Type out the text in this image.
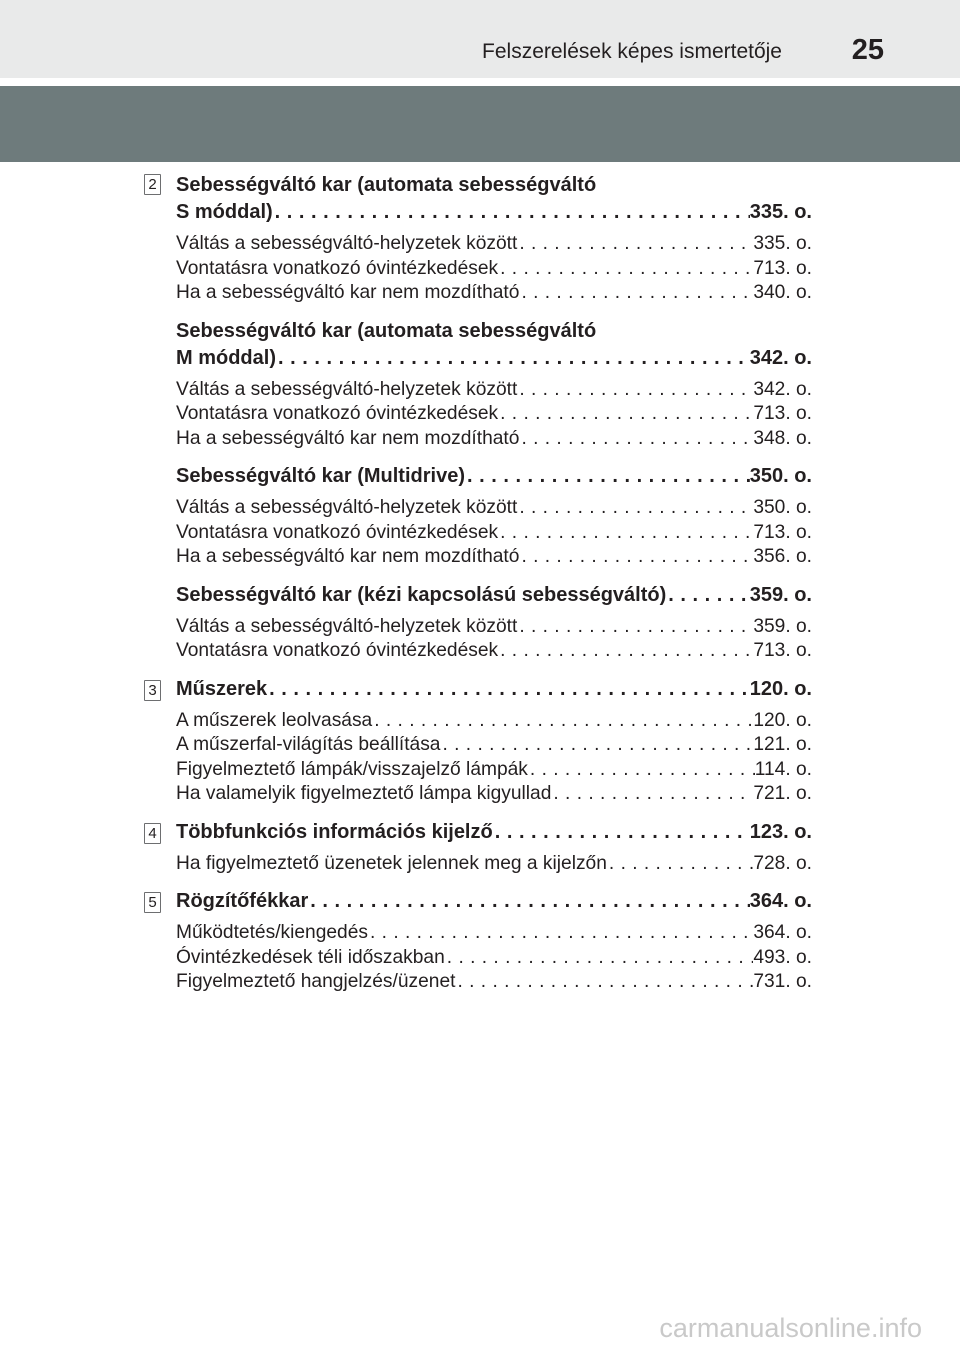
Felszerelések képes ismertetője 25
2 Sebességváltó kar (automata sebességváltó
S móddal) . . .	335. o.
Váltás a sebességváltó-helyzetek között . . .	335. o.
Vontatásra vonatkozó óvintézkedések . . .	713. o.
Ha a sebességváltó kar nem mozdítható . . .	340. o.
Sebességváltó kar (automata sebességváltó
M móddal) . . .	342. o.
Váltás a sebességváltó-helyzetek között . . .	342. o.
Vontatásra vonatkozó óvintézkedések . . .	713. o.
Ha a sebességváltó kar nem mozdítható . . .	348. o.
Sebességváltó kar (Multidrive) . . .	350. o.
Váltás a sebességváltó-helyzetek között . . .	350. o.
Vontatásra vonatkozó óvintézkedések . . .	713. o.
Ha a sebességváltó kar nem mozdítható . . .	356. o.
Sebességváltó kar (kézi kapcsolású sebességváltó) . . .	359. o.
Váltás a sebességváltó-helyzetek között . . .	359. o.
Vontatásra vonatkozó óvintézkedések . . .	713. o.
3 Műszerek . . .	120. o.
A műszerek leolvasása . . .	120. o.
A műszerfal-világítás beállítása . . .	121. o.
Figyelmeztető lámpák/visszajelző lámpák . . .	114. o.
Ha valamelyik figyelmeztető lámpa kigyullad . . .	721. o.
4 Többfunkciós információs kijelző . . .	123. o.
Ha figyelmeztető üzenetek jelennek meg a kijelzőn . . .	728. o.
5 Rögzítőfékkar . . .	364. o.
Működtetés/kiengedés . . .	364. o.
Óvintézkedések téli időszakban . . .	493. o.
Figyelmeztető hangjelzés/üzenet . . .	731. o.
carmanualsonline.info
